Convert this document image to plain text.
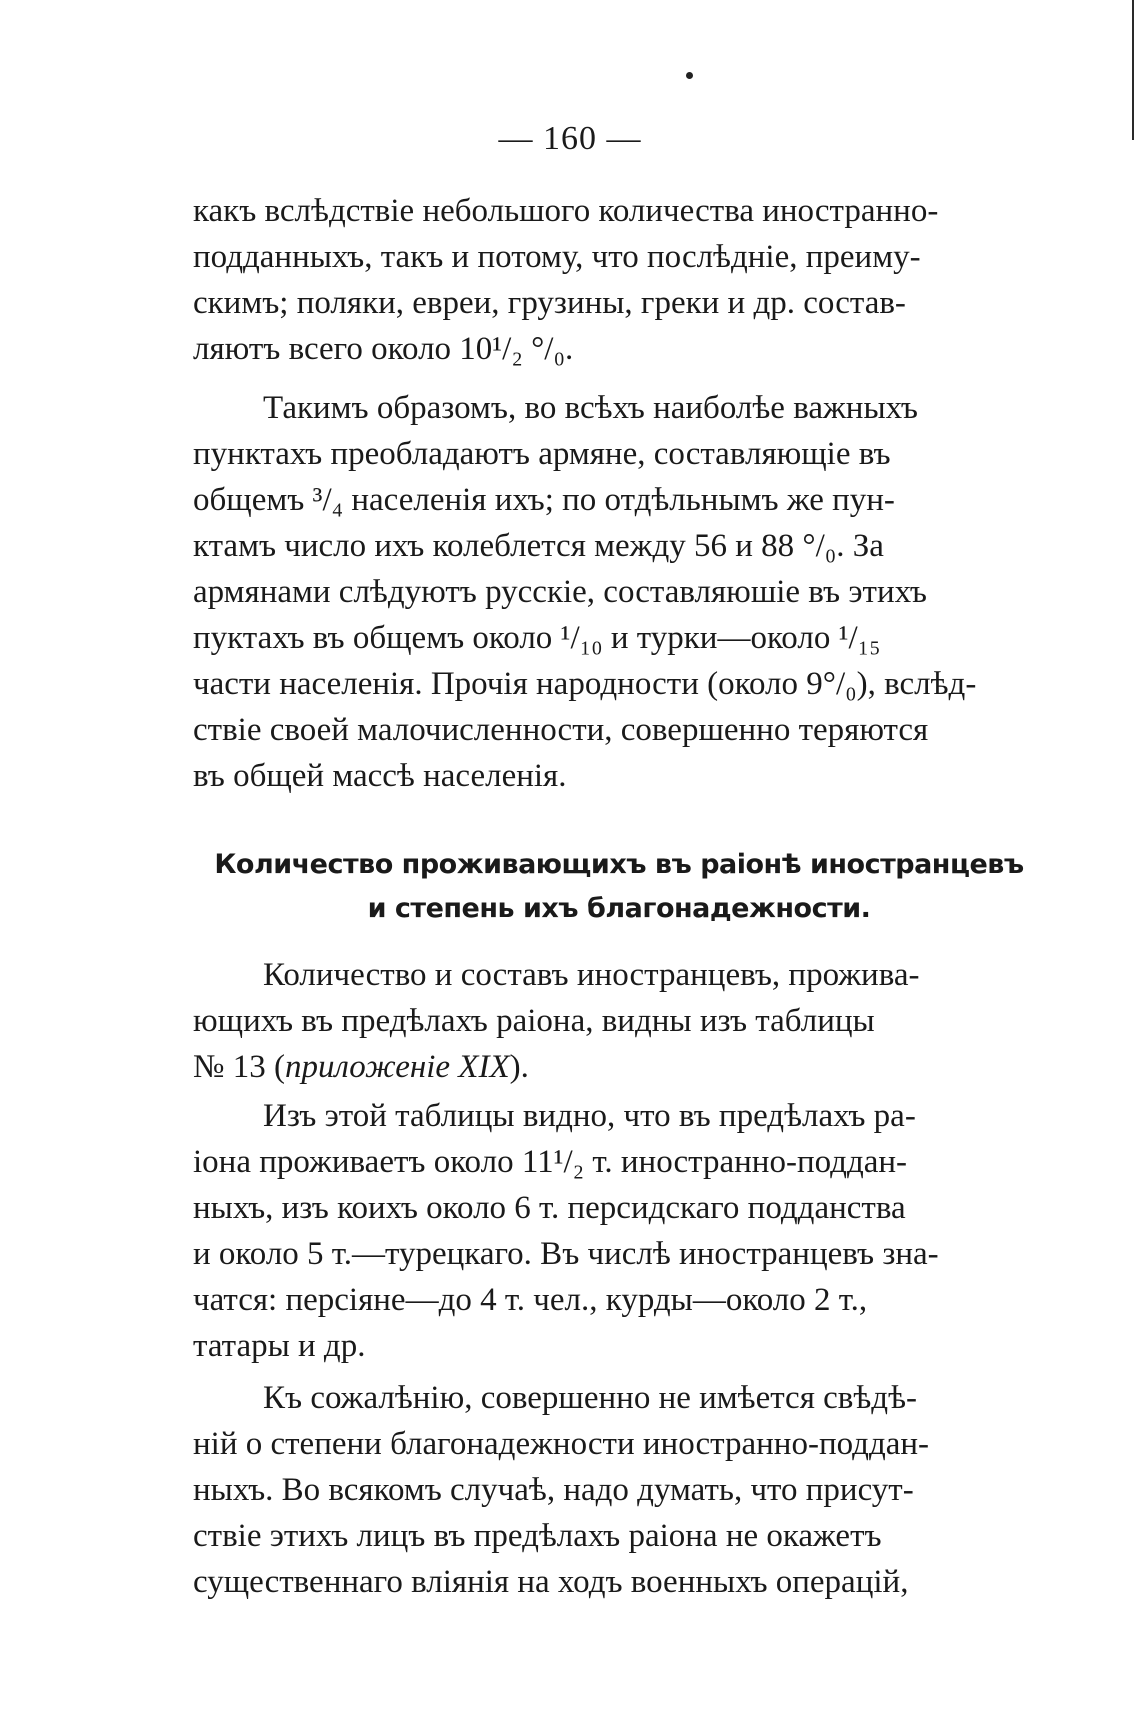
— 160 —

какъ вслѣдствіе небольшого количества иностранно-

подданныхъ, такъ и потому, что послѣдніе, преиму-

скимъ; поляки, евреи, грузины, греки и др. состав-

ляютъ всего около 10¹/₂ °/₀.

Такимъ образомъ, во всѣхъ наиболѣе важныхъ

пунктахъ преобладаютъ армяне, составляющіе въ

общемъ ³/₄ населенія ихъ; по отдѣльнымъ же пун-

ктамъ число ихъ колеблется между 56 и 88 °/₀. За

армянами слѣдуютъ русскіе, составляюшіе въ этихъ

пуктахъ въ общемъ около ¹/₁₀ и турки—около ¹/₁₅

части населенія. Прочія народности (около 9°/₀), вслѣд-

ствіе своей малочисленности, совершенно теряются

въ общей массѣ населенія.

Количество проживающихъ въ раіонѣ иностранцевъ
и степень ихъ благонадежности.

Количество и составъ иностранцевъ, прожива-

ющихъ въ предѣлахъ раіона, видны изъ таблицы

№ 13 (приложеніе XIX).

Изъ этой таблицы видно, что въ предѣлахъ ра-

іона проживаетъ около 11¹/₂ т. иностранно-поддан-

ныхъ, изъ коихъ около 6 т. персидскаго подданства

и около 5 т.—турецкаго. Въ числѣ иностранцевъ зна-

чатся: персіяне—до 4 т. чел., курды—около 2 т.,

татары и др.

Къ сожалѣнію, совершенно не имѣется свѣдѣ-

ній о степени благонадежности иностранно-поддан-

ныхъ. Во всякомъ случаѣ, надо думать, что присут-

ствіе этихъ лицъ въ предѣлахъ раіона не окажетъ

существеннаго вліянія на ходъ военныхъ операцій,
